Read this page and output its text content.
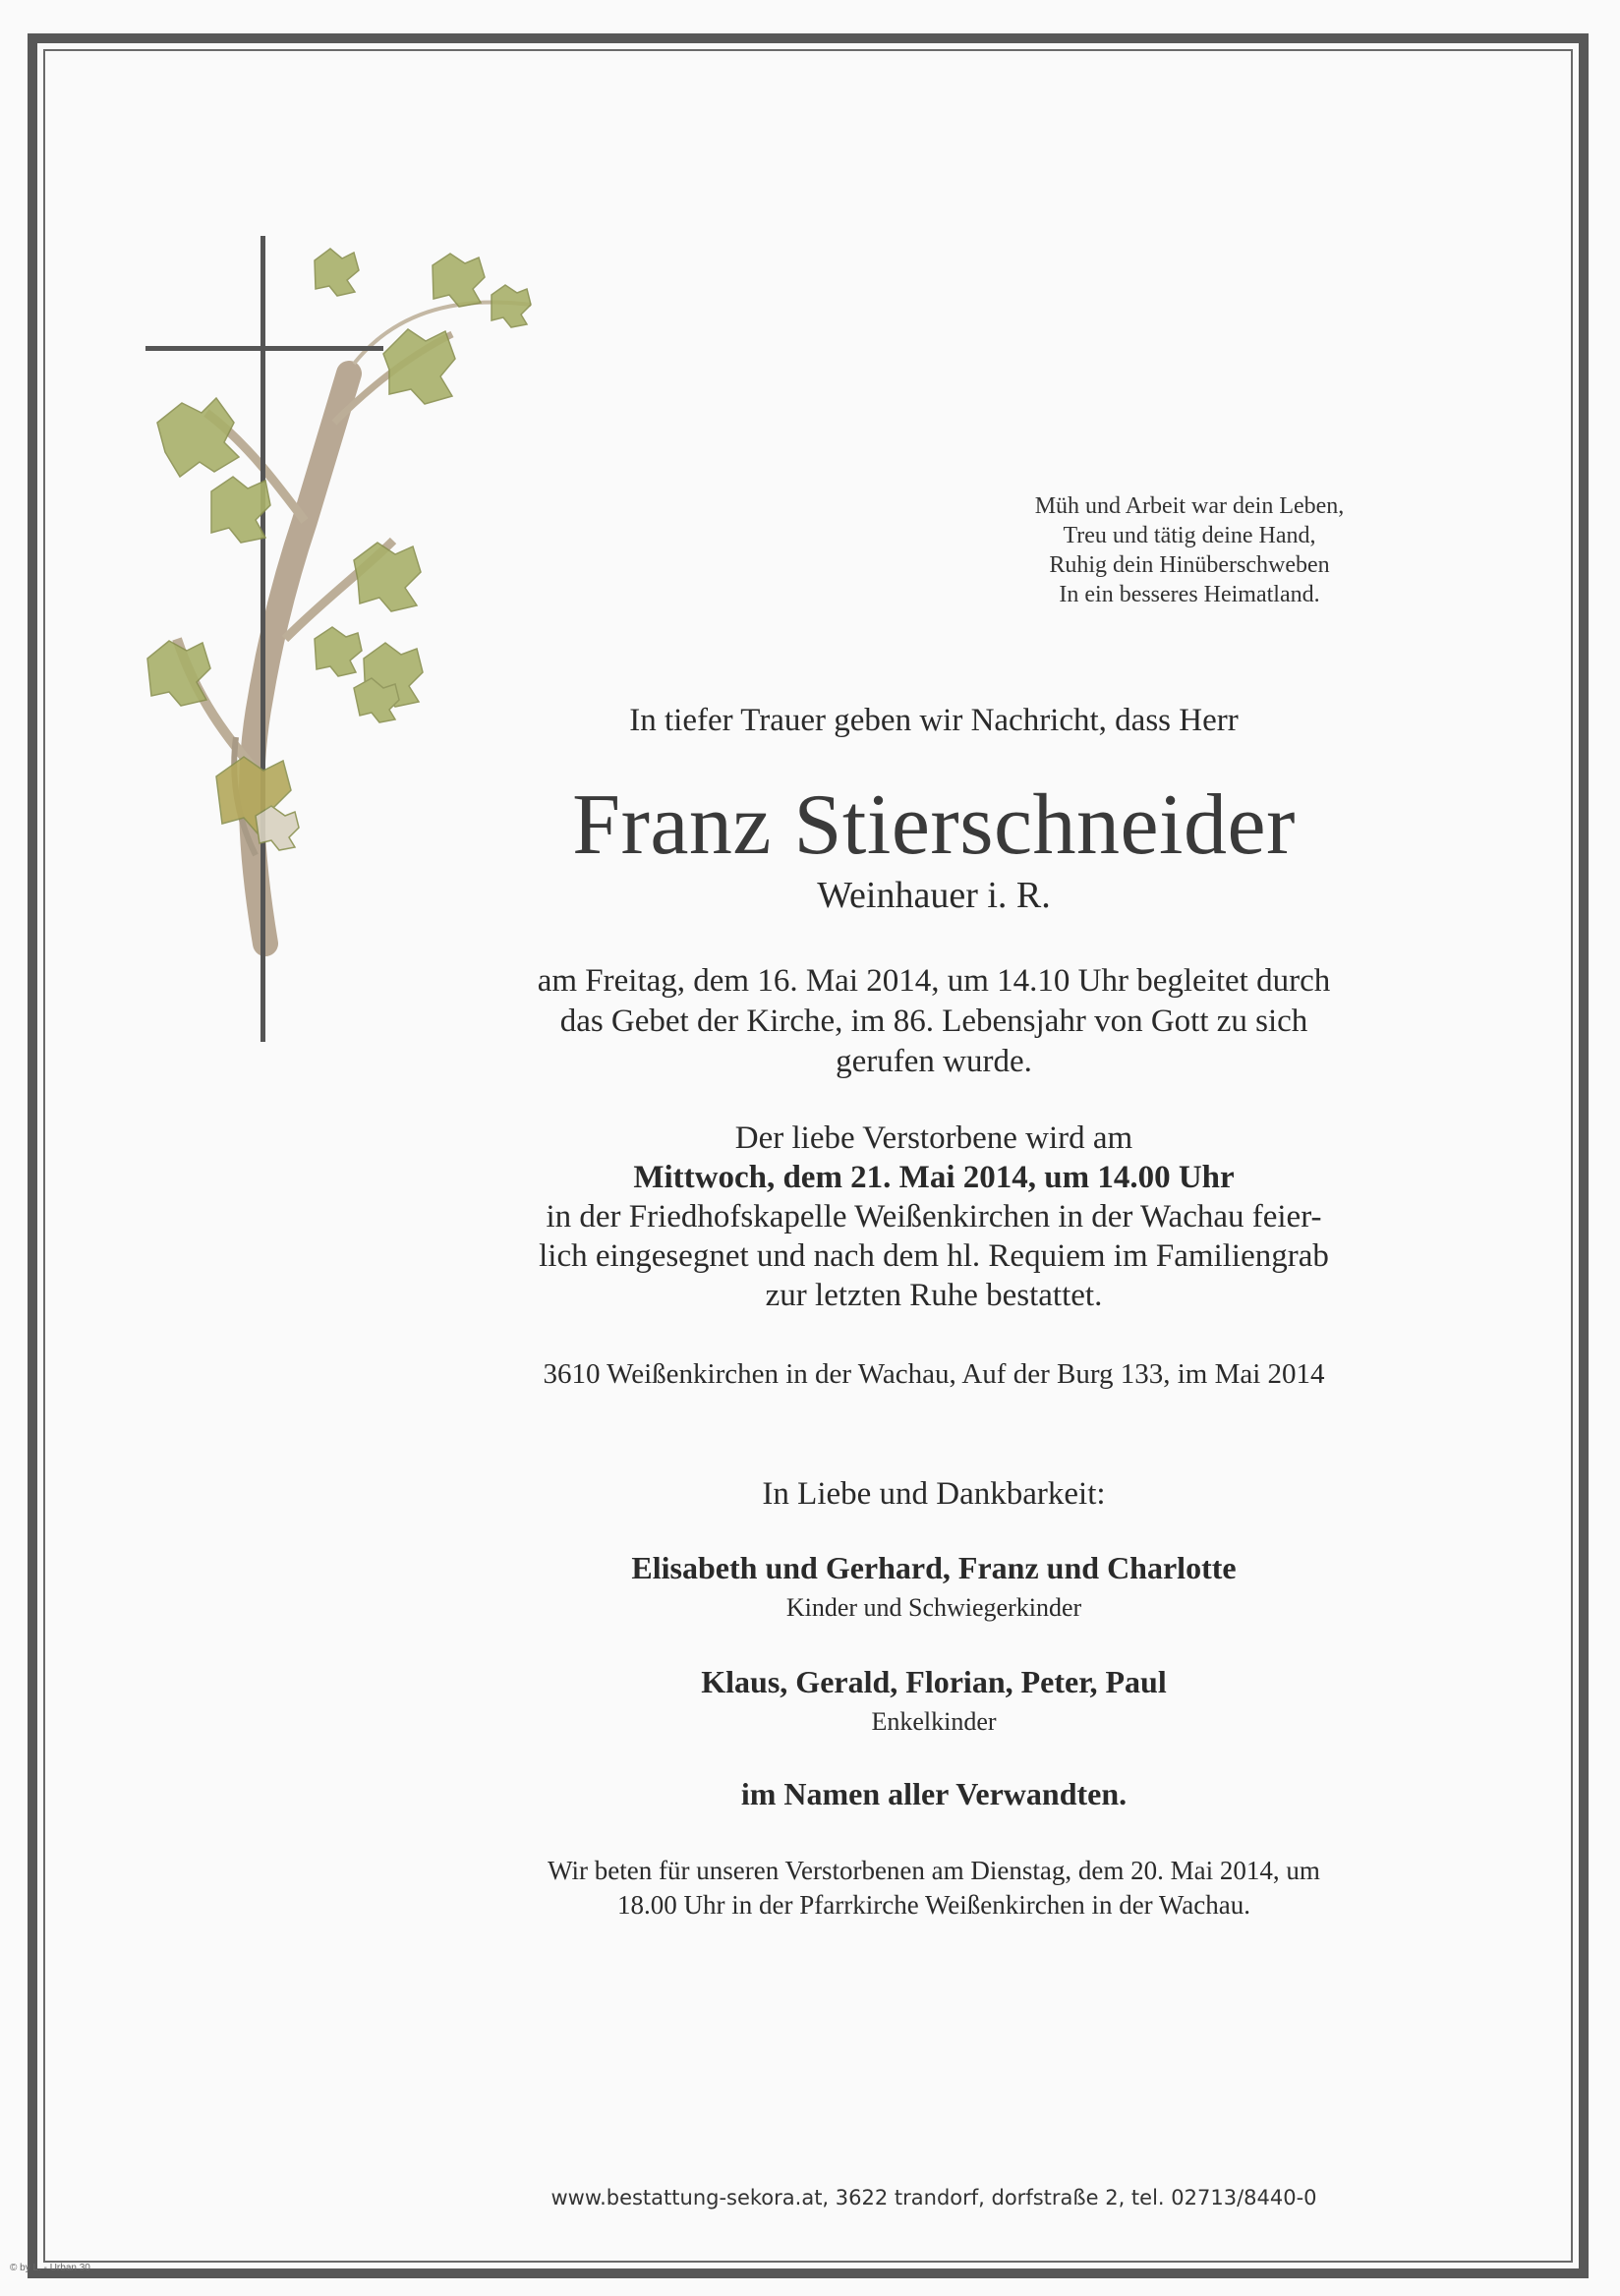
Müh und Arbeit war dein Leben,
Treu und tätig deine Hand,
Ruhig dein Hinüberschweben
In ein besseres Heimatland.
In tiefer Trauer geben wir Nachricht, dass Herr
Franz Stierschneider
Weinhauer i. R.
am Freitag, dem 16. Mai 2014, um 14.10 Uhr begleitet durch
das Gebet der Kirche, im 86. Lebensjahr von Gott zu sich
gerufen wurde.
Der liebe Verstorbene wird am
Mittwoch, dem 21. Mai 2014, um 14.00 Uhr
in der Friedhofskapelle Weißenkirchen in der Wachau feier-
lich eingesegnet und nach dem hl. Requiem im Familiengrab
zur letzten Ruhe bestattet.
3610 Weißenkirchen in der Wachau, Auf der Burg 133, im Mai 2014
In Liebe und Dankbarkeit:
Elisabeth und Gerhard, Franz und Charlotte
Kinder und Schwiegerkinder
Klaus, Gerald, Florian, Peter, Paul
Enkelkinder
im Namen aller Verwandten.
Wir beten für unseren Verstorbenen am Dienstag, dem 20. Mai 2014, um
18.00 Uhr in der Pfarrkirche Weißenkirchen in der Wachau.
www.bestattung-sekora.at, 3622 trandorf, dorfstraße 2, tel. 02713/8440-0
© by L. - Urban 30
